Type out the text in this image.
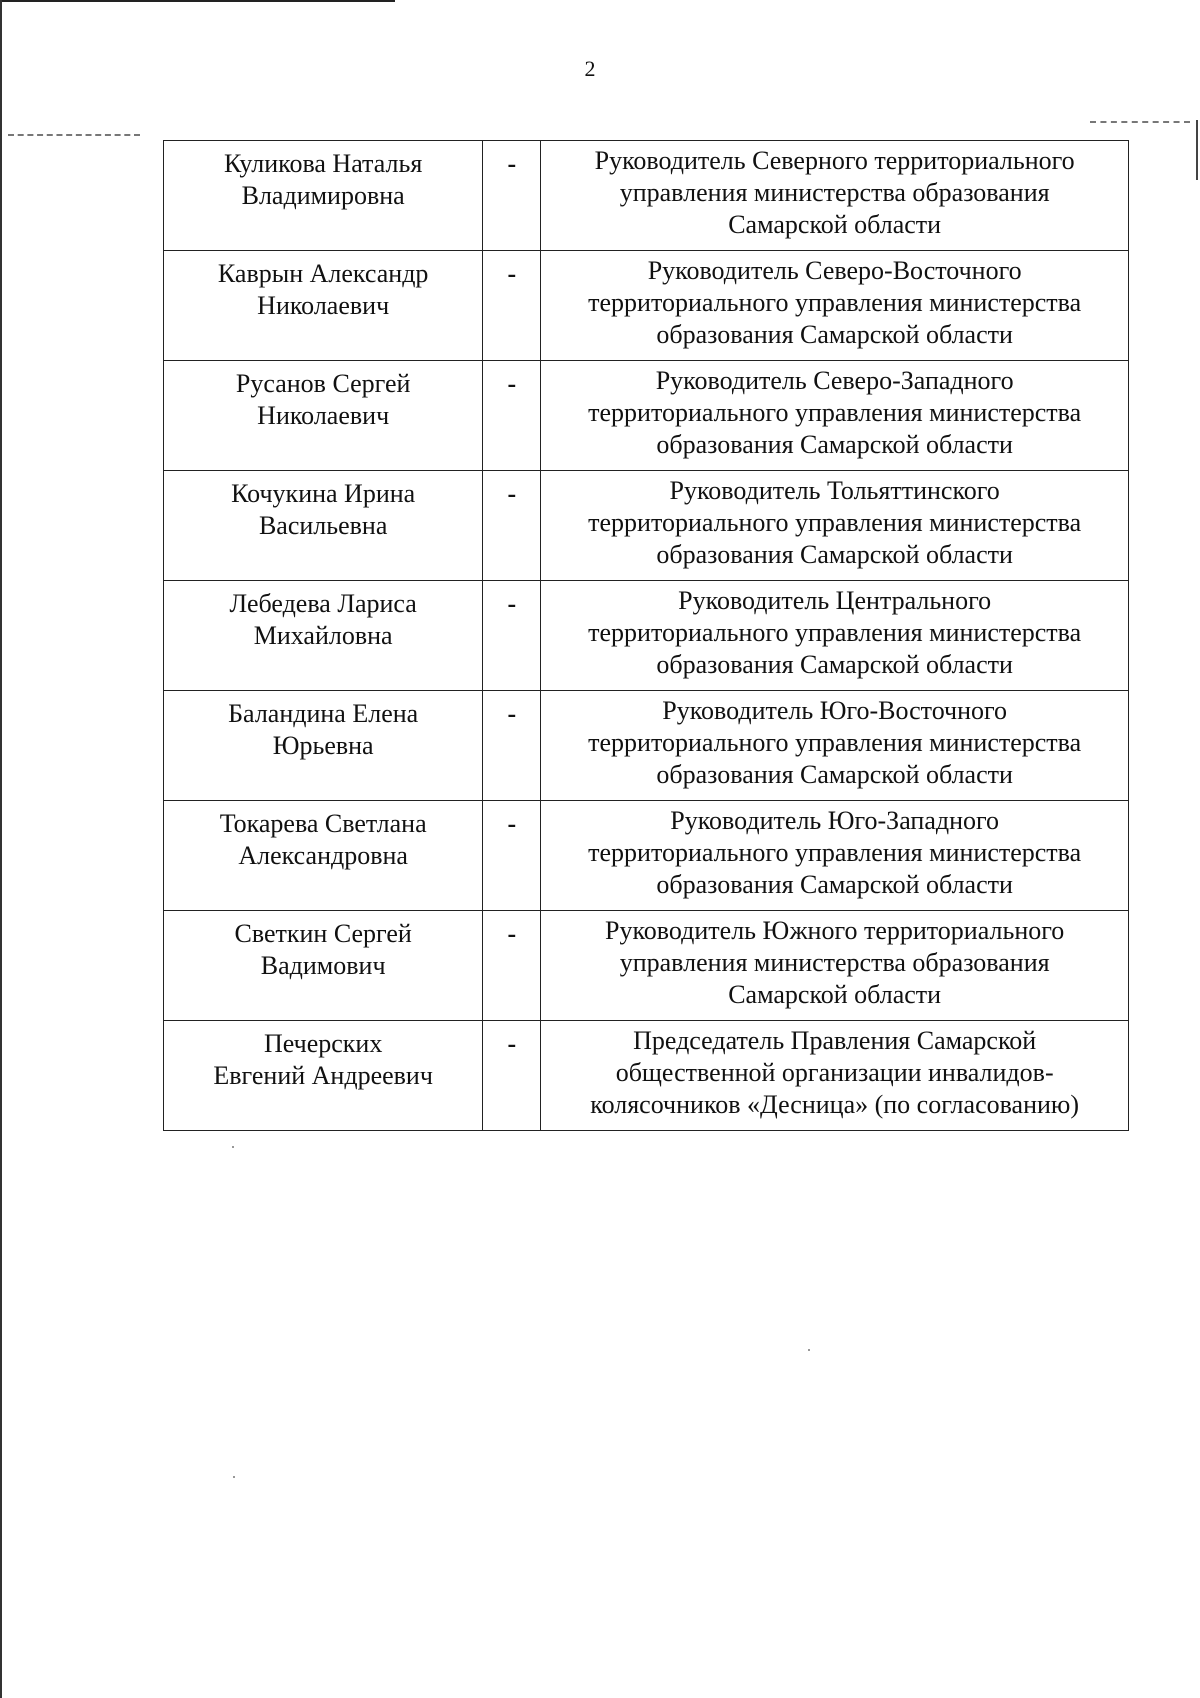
2
Куликова Наталья
Владимировна	-	Руководитель Северного территориального
управления министерства образования
Самарской области

Каврын Александр
Николаевич	-	Руководитель Северо-Восточного
территориального управления министерства
образования Самарской области

Русанов Сергей
Николаевич	-	Руководитель Северо-Западного
территориального управления министерства
образования Самарской области

Кочукина Ирина
Васильевна	-	Руководитель Тольяттинского
территориального управления министерства
образования Самарской области

Лебедева Лариса
Михайловна	-	Руководитель Центрального
территориального управления министерства
образования Самарской области

Баландина Елена
Юрьевна	-	Руководитель Юго-Восточного
территориального управления министерства
образования Самарской области

Токарева Светлана
Александровна	-	Руководитель Юго-Западного
территориального управления министерства
образования Самарской области

Светкин Сергей
Вадимович	-	Руководитель Южного территориального
управления министерства образования
Самарской области

Печерских
Евгений Андреевич	-	Председатель Правления Самарской
общественной организации инвалидов-
колясочников «Десница» (по согласованию)
